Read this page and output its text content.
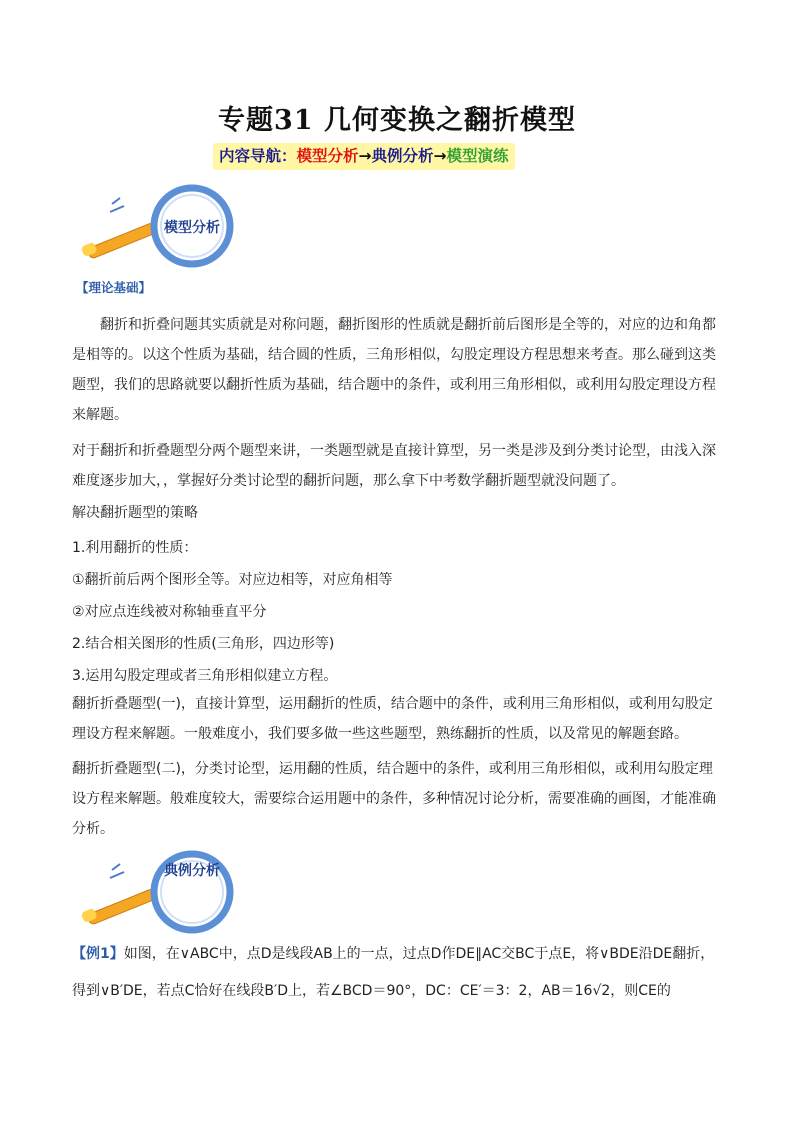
专题31 几何变换之翻折模型
内容导航：模型分析→典例分析→模型演练
模型分析
【理论基础】
翻折和折叠问题其实质就是对称问题，翻折图形的性质就是翻折前后图形是全等的，对应的边和角都是相等的。以这个性质为基础，结合圆的性质，三角形相似，勾股定理设方程思想来考查。那么碰到这类题型，我们的思路就要以翻折性质为基础，结合题中的条件，或利用三角形相似，或利用勾股定理设方程来解题。
对于翻折和折叠题型分两个题型来讲，一类题型就是直接计算型，另一类是涉及到分类讨论型，由浅入深难度逐步加大，，掌握好分类讨论型的翻折问题，那么拿下中考数学翻折题型就没问题了。
解决翻折题型的策略
1.利用翻折的性质：
①翻折前后两个图形全等。对应边相等，对应角相等
②对应点连线被对称轴垂直平分
2.结合相关图形的性质(三角形，四边形等)
3.运用勾股定理或者三角形相似建立方程。
翻折折叠题型(一)，直接计算型，运用翻折的性质，结合题中的条件，或利用三角形相似，或利用勾股定理设方程来解题。一般难度小，我们要多做一些这些题型，熟练翻折的性质，以及常见的解题套路。
翻折折叠题型(二)，分类讨论型，运用翻的性质，结合题中的条件，或利用三角形相似，或利用勾股定理设方程来解题。般难度较大，需要综合运用题中的条件，多种情况讨论分析，需要准确的画图，才能准确分析。
典例分析
【例1】如图，在∨ABC中，点D是线段AB上的一点，过点D作DE∥AC交BC于点E，将∨BDE沿DE翻折，得到∨B′DE，若点C恰好在线段B′D上，若∠BCD＝90°，DC：CE′＝3：2，AB＝16√2，则CE的
